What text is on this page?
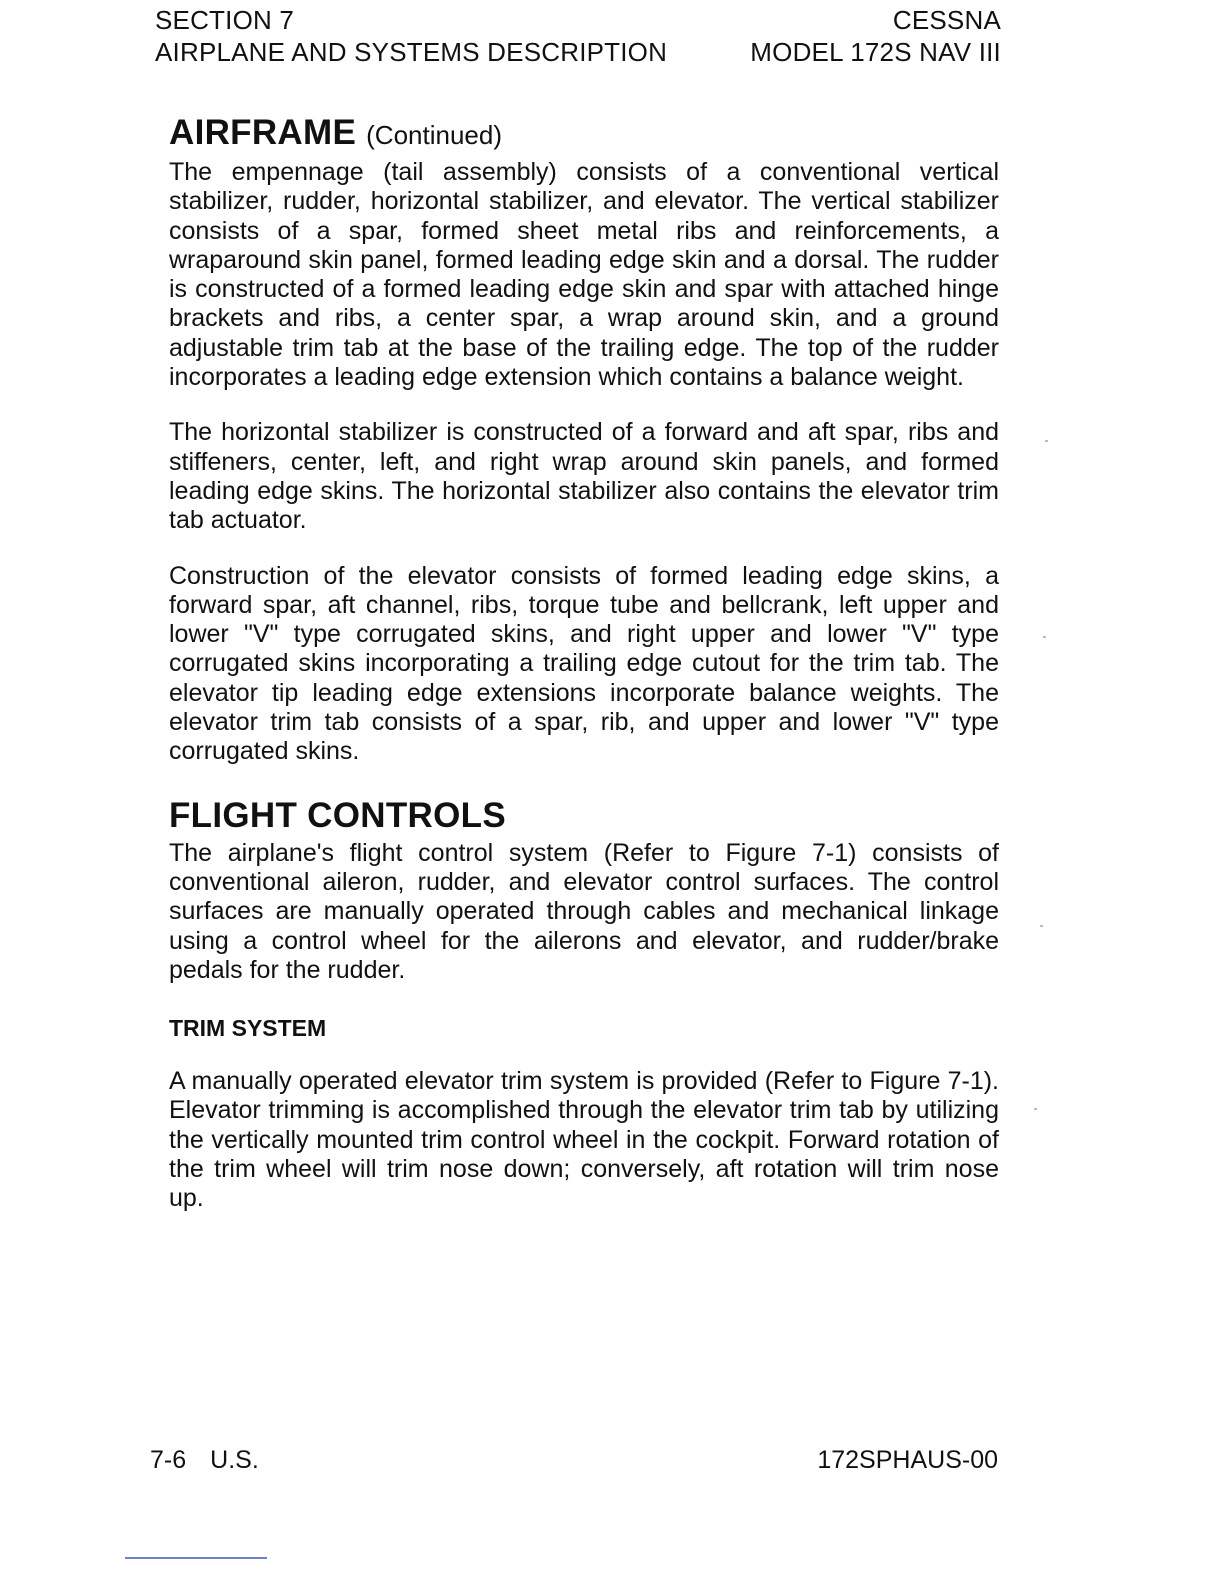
SECTION 7
AIRPLANE AND SYSTEMS DESCRIPTION
CESSNA
MODEL 172S NAV III
AIRFRAME (Continued)

The empennage (tail assembly) consists of a conventional vertical stabilizer, rudder, horizontal stabilizer, and elevator. The vertical stabilizer consists of a spar, formed sheet metal ribs and reinforcements, a wraparound skin panel, formed leading edge skin and a dorsal. The rudder is constructed of a formed leading edge skin and spar with attached hinge brackets and ribs, a center spar, a wrap around skin, and a ground adjustable trim tab at the base of the trailing edge. The top of the rudder incorporates a leading edge extension which contains a balance weight.

The horizontal stabilizer is constructed of a forward and aft spar, ribs and stiffeners, center, left, and right wrap around skin panels, and formed leading edge skins. The horizontal stabilizer also contains the elevator trim tab actuator.

Construction of the elevator consists of formed leading edge skins, a forward spar, aft channel, ribs, torque tube and bellcrank, left upper and lower "V" type corrugated skins, and right upper and lower "V" type corrugated skins incorporating a trailing edge cutout for the trim tab. The elevator tip leading edge extensions incorporate balance weights. The elevator trim tab consists of a spar, rib, and upper and lower "V" type corrugated skins.

FLIGHT CONTROLS

The airplane's flight control system (Refer to Figure 7-1) consists of conventional aileron, rudder, and elevator control surfaces. The control surfaces are manually operated through cables and mechanical linkage using a control wheel for the ailerons and elevator, and rudder/brake pedals for the rudder.

TRIM SYSTEM

A manually operated elevator trim system is provided (Refer to Figure 7-1). Elevator trimming is accomplished through the elevator trim tab by utilizing the vertically mounted trim control wheel in the cockpit. Forward rotation of the trim wheel will trim nose down; conversely, aft rotation will trim nose up.

7-6 U.S.	172SPHAUS-00
